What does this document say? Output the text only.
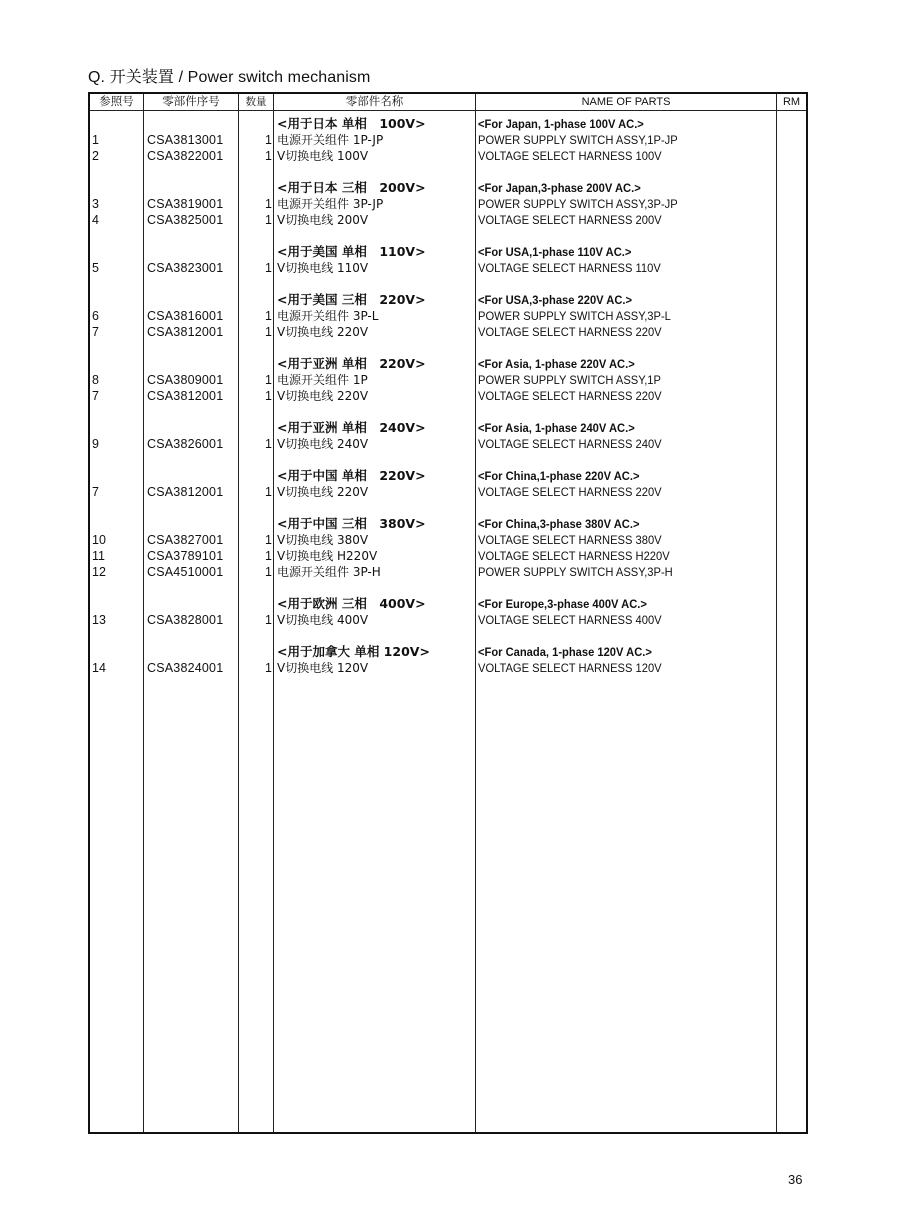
Q. 开关装置 / Power switch mechanism
参照号	零部件序号	数量	零部件名称	NAME OF PARTS	RM
<用于日本 单相　100V>	<For Japan, 1-phase 100V AC.>
1	CSA3813001	1 电源开关组件 1P-JP	POWER SUPPLY SWITCH ASSY,1P-JP
2	CSA3822001	1 V切换电线 100V	VOLTAGE SELECT HARNESS 100V
<用于日本 三相　200V>	<For Japan,3-phase 200V AC.>
3	CSA3819001	1 电源开关组件 3P-JP	POWER SUPPLY SWITCH ASSY,3P-JP
4	CSA3825001	1 V切换电线 200V	VOLTAGE SELECT HARNESS 200V
<用于美国 单相　110V>	<For USA,1-phase 110V AC.>
5	CSA3823001	1 V切换电线 110V	VOLTAGE SELECT HARNESS 110V
<用于美国 三相　220V>	<For USA,3-phase 220V AC.>
6	CSA3816001	1 电源开关组件 3P-L	POWER SUPPLY SWITCH ASSY,3P-L
7	CSA3812001	1 V切换电线 220V	VOLTAGE SELECT HARNESS 220V
<用于亚洲 单相　220V>	<For Asia, 1-phase 220V AC.>
8	CSA3809001	1 电源开关组件 1P	POWER SUPPLY SWITCH ASSY,1P
7	CSA3812001	1 V切换电线 220V	VOLTAGE SELECT HARNESS 220V
<用于亚洲 单相　240V>	<For Asia, 1-phase 240V AC.>
9	CSA3826001	1 V切换电线 240V	VOLTAGE SELECT HARNESS 240V
<用于中国 单相　220V>	<For China,1-phase 220V AC.>
7	CSA3812001	1 V切换电线 220V	VOLTAGE SELECT HARNESS 220V
<用于中国 三相　380V>	<For China,3-phase 380V AC.>
10	CSA3827001	1 V切换电线 380V	VOLTAGE SELECT HARNESS 380V
11	CSA3789101	1 V切换电线 H220V	VOLTAGE SELECT HARNESS H220V
12	CSA4510001	1 电源开关组件 3P-H	POWER SUPPLY SWITCH ASSY,3P-H
<用于欧洲 三相　400V>	<For Europe,3-phase 400V AC.>
13	CSA3828001	1 V切换电线 400V	VOLTAGE SELECT HARNESS 400V
<用于加拿大 单相 120V>	<For Canada, 1-phase 120V AC.>
14	CSA3824001	1 V切换电线 120V	VOLTAGE SELECT HARNESS 120V
36
